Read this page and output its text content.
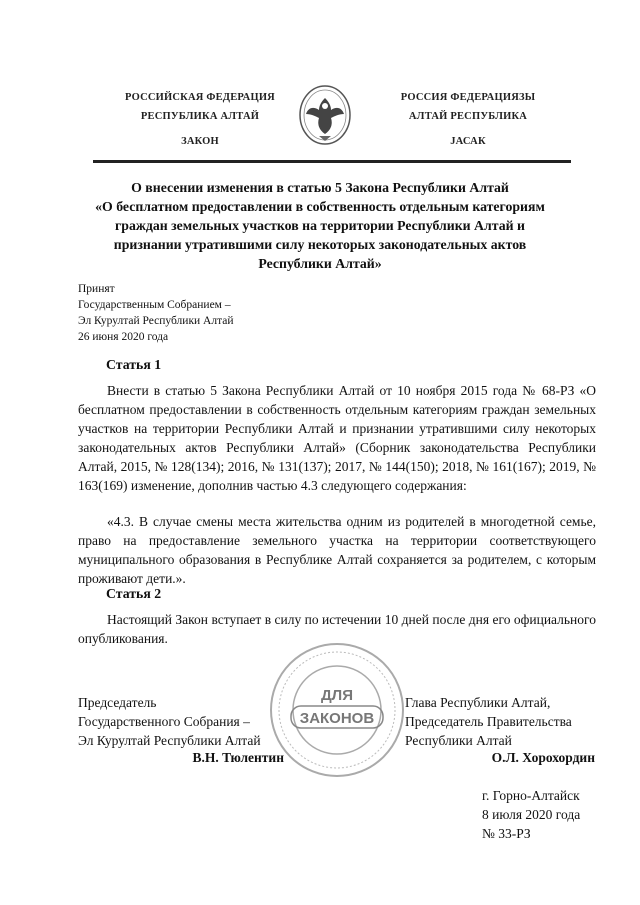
РОССИЙСКАЯ ФЕДЕРАЦИЯ
РЕСПУБЛИКА АЛТАЙ
ЗАКОН
РОССИЯ ФЕДЕРАЦИЯЗЫ
АЛТАЙ РЕСПУБЛИКА
ЈАСАК
О внесении изменения в статью 5 Закона Республики Алтай
«О бесплатном предоставлении в собственность отдельным категориям
граждан земельных участков на территории Республики Алтай и
признании утратившими силу некоторых законодательных актов
Республики Алтай»
Принят
Государственным Собранием –
Эл Курултай Республики Алтай
26 июня 2020 года
Статья 1

Внести в статью 5 Закона Республики Алтай от 10 ноября 2015 года № 68-РЗ «О бесплатном предоставлении в собственность отдельным категориям граждан земельных участков на территории Республики Алтай и признании утратившими силу некоторых законодательных актов Республики Алтай» (Сборник законодательства Республики Алтай, 2015, № 128(134); 2016, № 131(137); 2017, № 144(150); 2018, № 161(167); 2019, № 163(169) изменение, дополнив частью 4.3 следующего содержания:

«4.3. В случае смены места жительства одним из родителей в многодетной семье, право на предоставление земельного участка на территории соответствующего муниципального образования в Республике Алтай сохраняется за родителем, с которым проживают дети.».

Статья 2

Настоящий Закон вступает в силу по истечении 10 дней после дня его официального опубликования.

ДЛЯ
ЗАКОНОВ
Председатель
Государственного Собрания –
Эл Курултай Республики Алтай
В.Н. Тюлентин
Глава Республики Алтай,
Председатель Правительства
Республики Алтай
О.Л. Хорохордин
г. Горно-Алтайск
8 июля 2020 года
№ 33-РЗ
